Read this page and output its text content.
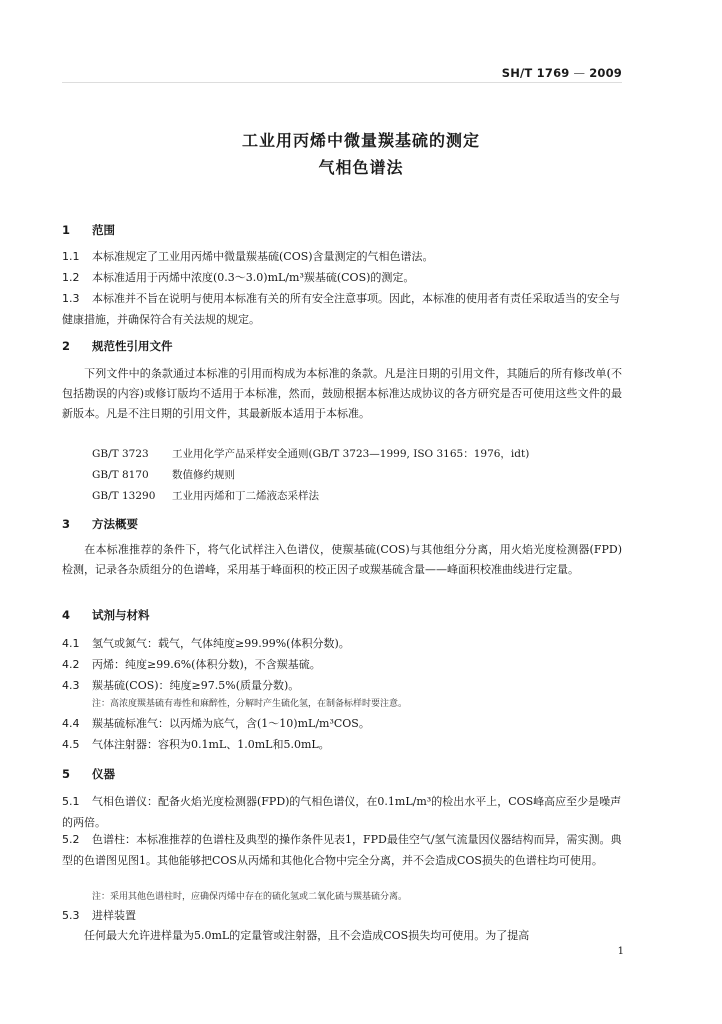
SH/T 1769 — 2009
工业用丙烯中微量羰基硫的测定
气相色谱法
1 范围
1.1 本标准规定了工业用丙烯中微量羰基硫(COS)含量测定的气相色谱法。
1.2 本标准适用于丙烯中浓度(0.3～3.0)mL/m³羰基硫(COS)的测定。
1.3 本标准并不旨在说明与使用本标准有关的所有安全注意事项。因此，本标准的使用者有责任采取适当的安全与健康措施，并确保符合有关法规的规定。
2 规范性引用文件
下列文件中的条款通过本标准的引用而构成为本标准的条款。凡是注日期的引用文件，其随后的所有修改单(不包括勘误的内容)或修订版均不适用于本标准，然而，鼓励根据本标准达成协议的各方研究是否可使用这些文件的最新版本。凡是不注日期的引用文件，其最新版本适用于本标准。
GB/T 3723 工业用化学产品采样安全通则(GB/T 3723—1999, ISO 3165：1976，idt)
GB/T 8170 数值修约规则
GB/T 13290 工业用丙烯和丁二烯液态采样法
3 方法概要
在本标准推荐的条件下，将气化试样注入色谱仪，使羰基硫(COS)与其他组分分离，用火焰光度检测器(FPD)检测，记录各杂质组分的色谱峰，采用基于峰面积的校正因子或羰基硫含量——峰面积校准曲线进行定量。
4 试剂与材料
4.1 氢气或氮气：载气，气体纯度≥99.99%(体积分数)。
4.2 丙烯：纯度≥99.6%(体积分数)，不含羰基硫。
4.3 羰基硫(COS)：纯度≥97.5%(质量分数)。
注：高浓度羰基硫有毒性和麻醉性，分解时产生硫化氢，在制备标样时要注意。
4.4 羰基硫标准气：以丙烯为底气，含(1～10)mL/m³COS。
4.5 气体注射器：容积为0.1mL、1.0mL和5.0mL。
5 仪器
5.1 气相色谱仪：配备火焰光度检测器(FPD)的气相色谱仪，在0.1mL/m³的检出水平上，COS峰高应至少是噪声的两倍。
5.2 色谱柱：本标准推荐的色谱柱及典型的操作条件见表1，FPD最佳空气/氢气流量因仪器结构而异，需实测。典型的色谱图见图1。其他能够把COS从丙烯和其他化合物中完全分离，并不会造成COS损失的色谱柱均可使用。
注：采用其他色谱柱时，应确保丙烯中存在的硫化氢或二氧化硫与羰基硫分离。
5.3 进样装置
任何最大允许进样量为5.0mL的定量管或注射器，且不会造成COS损失均可使用。为了提高
1
